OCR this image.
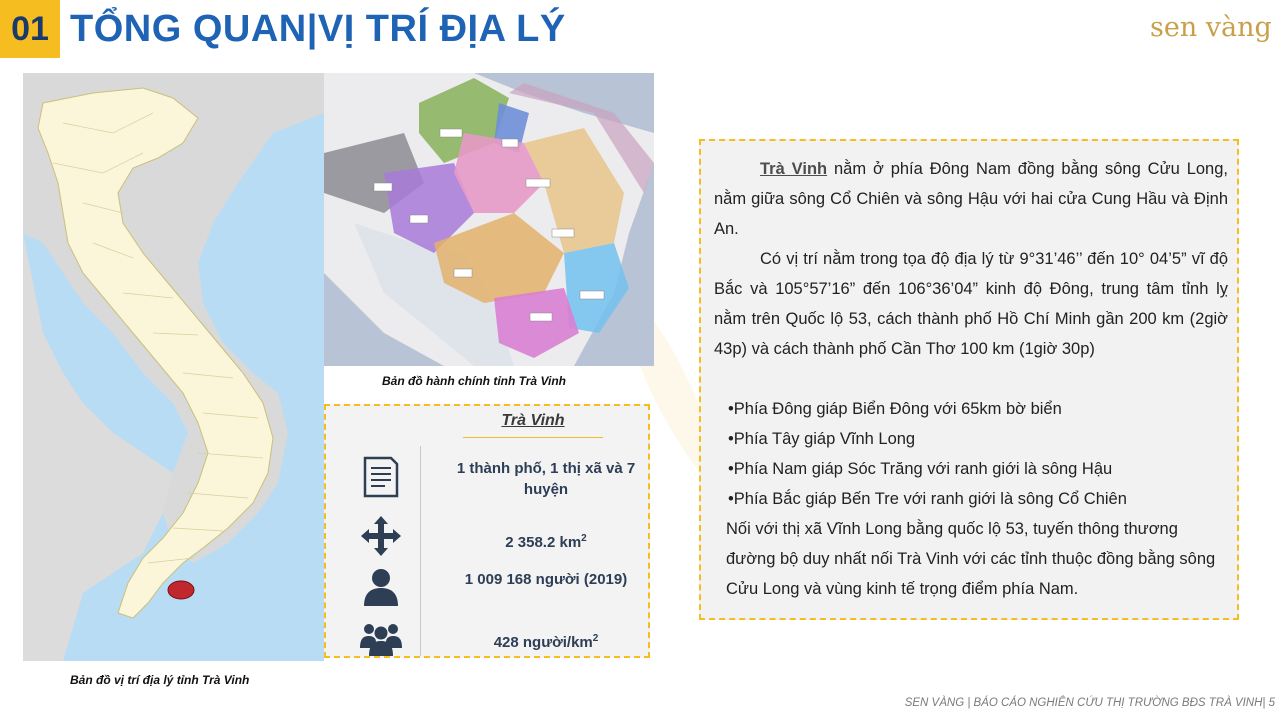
01 TỔNG QUAN|VỊ TRÍ ĐỊA LÝ	sen vàng
Bản đồ hành chính tỉnh Trà Vinh
Bản đồ vị trí địa lý tỉnh Trà Vinh
Trà Vinh
1 thành phố, 1 thị xã và 7 huyện
2 358.2 $km^2$
1 009 168 người (2019)
428 người/$km^2$
Trà Vinh nằm ở phía Đông Nam đồng bằng sông Cửu Long, nằm giữa sông Cổ Chiên và sông Hậu với hai cửa Cung Hầu và Định An.
Có vị trí nằm trong tọa độ địa lý từ 9°31’46’’ đến 10° 04’5” vĩ độ Bắc và 105°57’16” đến 106°36’04” kinh độ Đông, trung tâm tỉnh lỵ nằm trên Quốc lộ 53, cách thành phố Hồ Chí Minh gần 200 km (2giờ 43p) và cách thành phố Cần Thơ 100 km (1giờ 30p)
•Phía Đông giáp Biển Đông với 65km bờ biển
•Phía Tây giáp Vĩnh Long
•Phía Nam giáp Sóc Trăng với ranh giới là sông Hậu
•Phía Bắc giáp Bến Tre với ranh giới là sông Cổ Chiên
Nối với thị xã Vĩnh Long bằng quốc lộ 53, tuyến thông thương đường bộ duy nhất nối Trà Vinh với các tỉnh thuộc đồng bằng sông Cửu Long và vùng kinh tế trọng điểm phía Nam.
SEN VÀNG | BÁO CÁO NGHIÊN CỨU THỊ TRƯỜNG BĐS TRÀ VINH| 5
